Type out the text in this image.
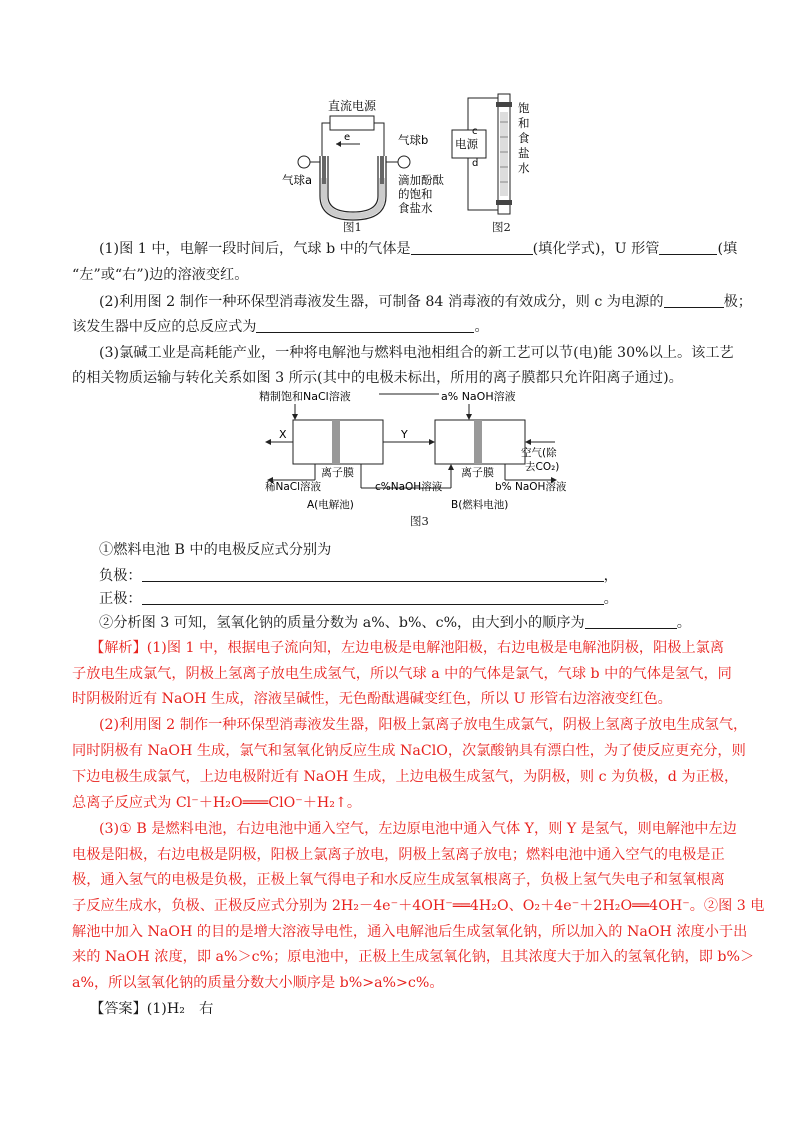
直流电源
e	气球b
气球a	滴加酚酞
的饱和
食盐水
图1
电源
c
d
饱
和
食
盐
水
图2
(1)图 1 中，电解一段时间后，气球 b 中的气体是	(填化学式)，U 形管	(填
“左”或“右”)边的溶液变红。
(2)利用图 2 制作一种环保型消毒液发生器，可制备 84 消毒液的有效成分，则 c 为电源的	极；
该发生器中反应的总反应式为	。
(3)氯碱工业是高耗能产业，一种将电解池与燃料电池相组合的新工艺可以节(电)能 30%以上。该工艺
的相关物质运输与转化关系如图 3 所示(其中的电极未标出，所用的离子膜都只允许阳离子通过)。
精制饱和NaCl溶液	a% NaOH溶液
X	Y
空气(除
去CO₂)
离子膜	离子膜
稀NaCl溶液	c%NaOH溶液	b% NaOH溶液
A(电解池)	B(燃料电池)
图3
①燃料电池 B 中的电极反应式分别为
负极：	，
正极：	。
②分析图 3 可知，氢氧化钠的质量分数为 a%、b%、c%，由大到小的顺序为	。
【解析】(1)图 1 中，根据电子流向知，左边电极是电解池阳极，右边电极是电解池阴极，阳极上氯离
子放电生成氯气，阴极上氢离子放电生成氢气，所以气球 a 中的气体是氯气，气球 b 中的气体是氢气，同
时阴极附近有 NaOH 生成，溶液呈碱性，无色酚酞遇碱变红色，所以 U 形管右边溶液变红色。
(2)利用图 2 制作一种环保型消毒液发生器，阳极上氯离子放电生成氯气，阴极上氢离子放电生成氢气，
同时阴极有 NaOH 生成，氯气和氢氧化钠反应生成 NaClO，次氯酸钠具有漂白性，为了使反应更充分，则
下边电极生成氯气，上边电极附近有 NaOH 生成，上边电极生成氢气，为阴极，则 c 为负极，d 为正极，
总离子反应式为 Cl⁻＋H₂O═══ClO⁻＋H₂↑。
(3)① B 是燃料电池，右边电池中通入空气，左边原电池中通入气体 Y，则 Y 是氢气，则电解池中左边
电极是阳极，右边电极是阴极，阳极上氯离子放电，阴极上氢离子放电；燃料电池中通入空气的电极是正
极，通入氢气的电极是负极，正极上氧气得电子和水反应生成氢氧根离子，负极上氢气失电子和氢氧根离
子反应生成水，负极、正极反应式分别为 2H₂－4e⁻＋4OH⁻══4H₂O、O₂＋4e⁻＋2H₂O══4OH⁻。②图 3 电
解池中加入 NaOH 的目的是增大溶液导电性，通入电解池后生成氢氧化钠，所以加入的 NaOH 浓度小于出
来的 NaOH 浓度，即 a%＞c%；原电池中，正极上生成氢氧化钠，且其浓度大于加入的氢氧化钠，即 b%＞
a%，所以氢氧化钠的质量分数大小顺序是 b%>a%>c%。
【答案】(1)H₂　右
